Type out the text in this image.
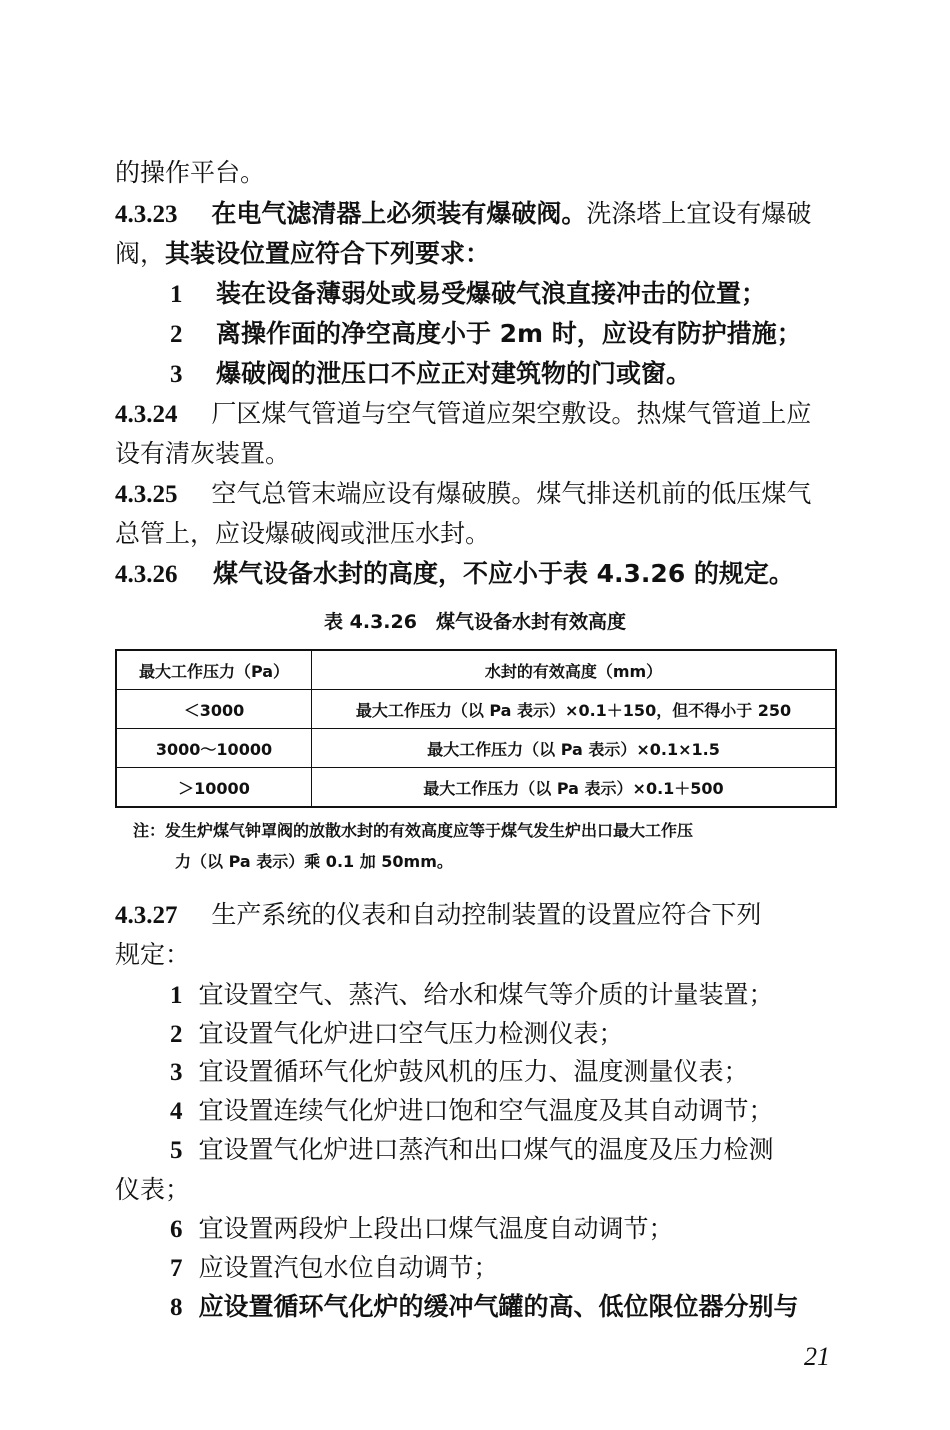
的操作平台。
4.3.23 在电气滤清器上必须装有爆破阀。洗涤塔上宜设有爆破
阀，其装设位置应符合下列要求：
1 装在设备薄弱处或易受爆破气浪直接冲击的位置；
2 离操作面的净空高度小于 2m 时，应设有防护措施；
3 爆破阀的泄压口不应正对建筑物的门或窗。
4.3.24 厂区煤气管道与空气管道应架空敷设。热煤气管道上应
设有清灰装置。
4.3.25 空气总管末端应设有爆破膜。煤气排送机前的低压煤气
总管上，应设爆破阀或泄压水封。
4.3.26 煤气设备水封的高度，不应小于表 4.3.26 的规定。
表 4.3.26　煤气设备水封有效高度
最大工作压力（Pa）	水封的有效高度（mm）
＜3000	最大工作压力（以 Pa 表示）×0.1＋150，但不得小于 250
3000～10000	最大工作压力（以 Pa 表示）×0.1×1.5
＞10000	最大工作压力（以 Pa 表示）×0.1＋500
注：发生炉煤气钟罩阀的放散水封的有效高度应等于煤气发生炉出口最大工作压
力（以 Pa 表示）乘 0.1 加 50mm。
4.3.27 生产系统的仪表和自动控制装置的设置应符合下列
规定：
1 宜设置空气、蒸汽、给水和煤气等介质的计量装置；
2 宜设置气化炉进口空气压力检测仪表；
3 宜设置循环气化炉鼓风机的压力、温度测量仪表；
4 宜设置连续气化炉进口饱和空气温度及其自动调节；
5 宜设置气化炉进口蒸汽和出口煤气的温度及压力检测
仪表；
6 宜设置两段炉上段出口煤气温度自动调节；
7 应设置汽包水位自动调节；
8 应设置循环气化炉的缓冲气罐的高、低位限位器分别与
21
